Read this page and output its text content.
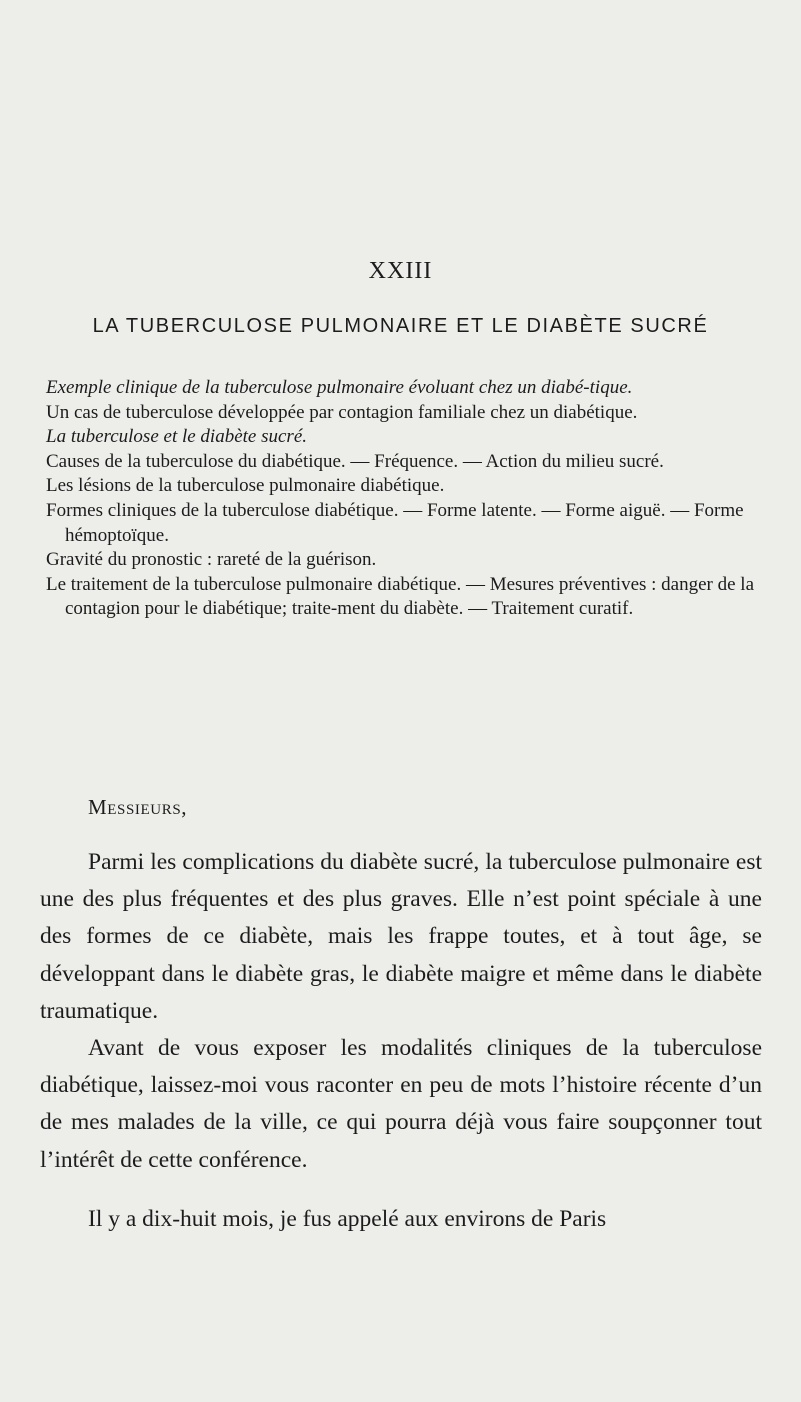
XXIII
LA TUBERCULOSE PULMONAIRE ET LE DIABÈTE SUCRÉ

Exemple clinique de la tuberculose pulmonaire évoluant chez un diabé-tique.

Un cas de tuberculose développée par contagion familiale chez un diabétique.

La tuberculose et le diabète sucré.

Causes de la tuberculose du diabétique. — Fréquence. — Action du milieu sucré.

Les lésions de la tuberculose pulmonaire diabétique.

Formes cliniques de la tuberculose diabétique. — Forme latente. — Forme aiguë. — Forme hémoptoïque.

Gravité du pronostic : rareté de la guérison.

Le traitement de la tuberculose pulmonaire diabétique. — Mesures préventives : danger de la contagion pour le diabétique; traite-ment du diabète. — Traitement curatif.

Messieurs,

Parmi les complications du diabète sucré, la tuberculose pulmonaire est une des plus fréquentes et des plus graves. Elle n’est point spéciale à une des formes de ce diabète, mais les frappe toutes, et à tout âge, se développant dans le diabète gras, le diabète maigre et même dans le diabète traumatique.

Avant de vous exposer les modalités cliniques de la tuberculose diabétique, laissez-moi vous raconter en peu de mots l’histoire récente d’un de mes malades de la ville, ce qui pourra déjà vous faire soupçonner tout l’intérêt de cette conférence.

Il y a dix-huit mois, je fus appelé aux environs de Paris
